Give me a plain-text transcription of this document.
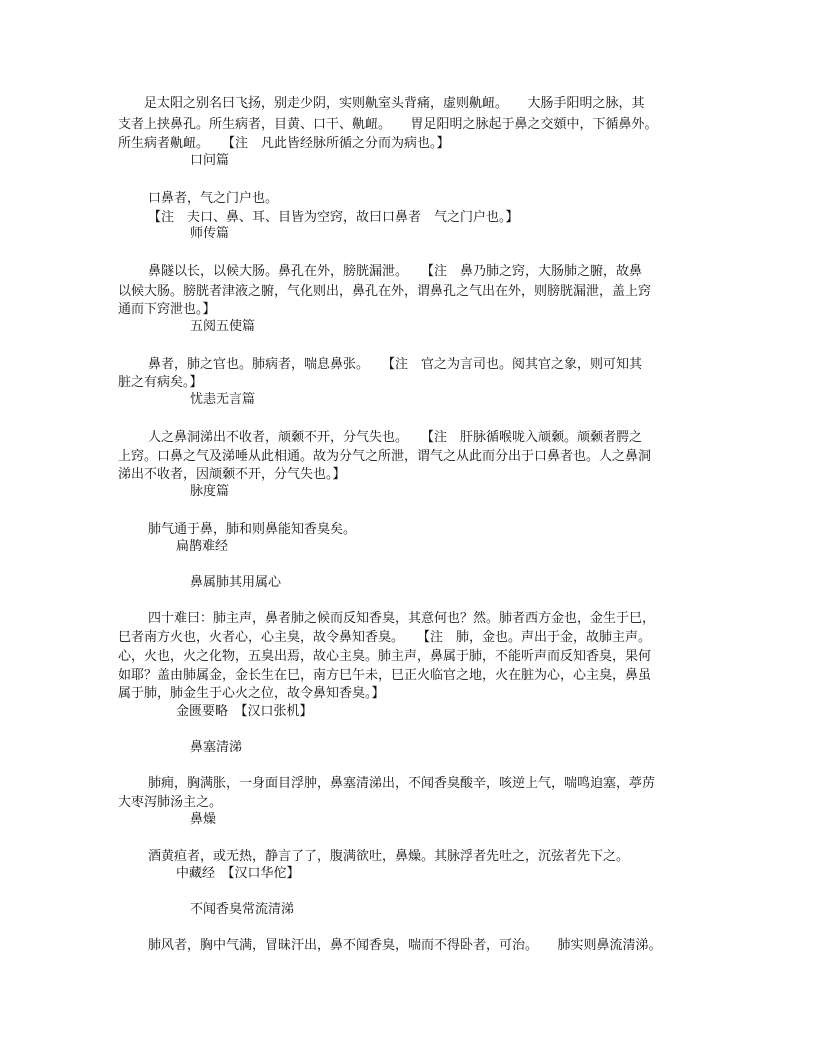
　　足太阳之别名曰飞扬，别走少阴，实则鼽室头背痛，虚则鼽衄。　　大肠手阳明之脉，其
支者上挟鼻孔。所生病者，目黄、口干、鼽衄。　　胃足阳明之脉起于鼻之交頞中，下循鼻外。
所生病者鼽衄。　　【注　凡此皆经脉所循之分而为病也。】
口问篇
口鼻者，气之门户也。
【注　夫口、鼻、耳、目皆为空窍，故曰口鼻者　气之门户也。】
师传篇
鼻隧以长，以候大肠。鼻孔在外，膀胱漏泄。　　【注　鼻乃肺之窍，大肠肺之腑，故鼻
以候大肠。膀胱者津液之腑，气化则出，鼻孔在外，谓鼻孔之气出在外，则膀胱漏泄，盖上窍
通而下窍泄也。】
五阅五使篇
鼻者，肺之官也。肺病者，喘息鼻张。　　【注　官之为言司也。阅其官之象，则可知其
脏之有病矣。】
忧恚无言篇
人之鼻洞涕出不收者，颃颡不开，分气失也。　　【注　肝脉循喉咙入颃颡。颃颡者腭之
上窍。口鼻之气及涕唾从此相通。故为分气之所泄，谓气之从此而分出于口鼻者也。人之鼻洞
涕出不收者，因颃颡不开，分气失也。】
脉度篇
肺气通于鼻，肺和则鼻能知香臭矣。
扁鹊难经
鼻属肺其用属心
四十难曰：肺主声，鼻者肺之候而反知香臭，其意何也？然。肺者西方金也，金生于巳，
巳者南方火也，火者心，心主臭，故令鼻知香臭。　　【注　肺，金也。声出于金，故肺主声。
心，火也，火之化物，五臭出焉，故心主臭。肺主声，鼻属于肺，不能听声而反知香臭，果何
如耶？盖由肺属金，金长生在巳，南方巳午未，巳正火临官之地，火在脏为心，心主臭，鼻虽
属于肺，肺金生于心火之位，故令鼻知香臭。】
金匮要略　【汉口张机】
鼻塞清涕
肺痈，胸满胀，一身面目浮肿，鼻塞清涕出，不闻香臭酸辛，咳逆上气，喘鸣迫塞，葶苈
大枣泻肺汤主之。
鼻燥
酒黄疸者，或无热，静言了了，腹满欲吐，鼻燥。其脉浮者先吐之，沉弦者先下之。
中藏经　【汉口华佗】
不闻香臭常流清涕
肺风者，胸中气满，冒昧汗出，鼻不闻香臭，喘而不得卧者，可治。　　肺实则鼻流清涕。
